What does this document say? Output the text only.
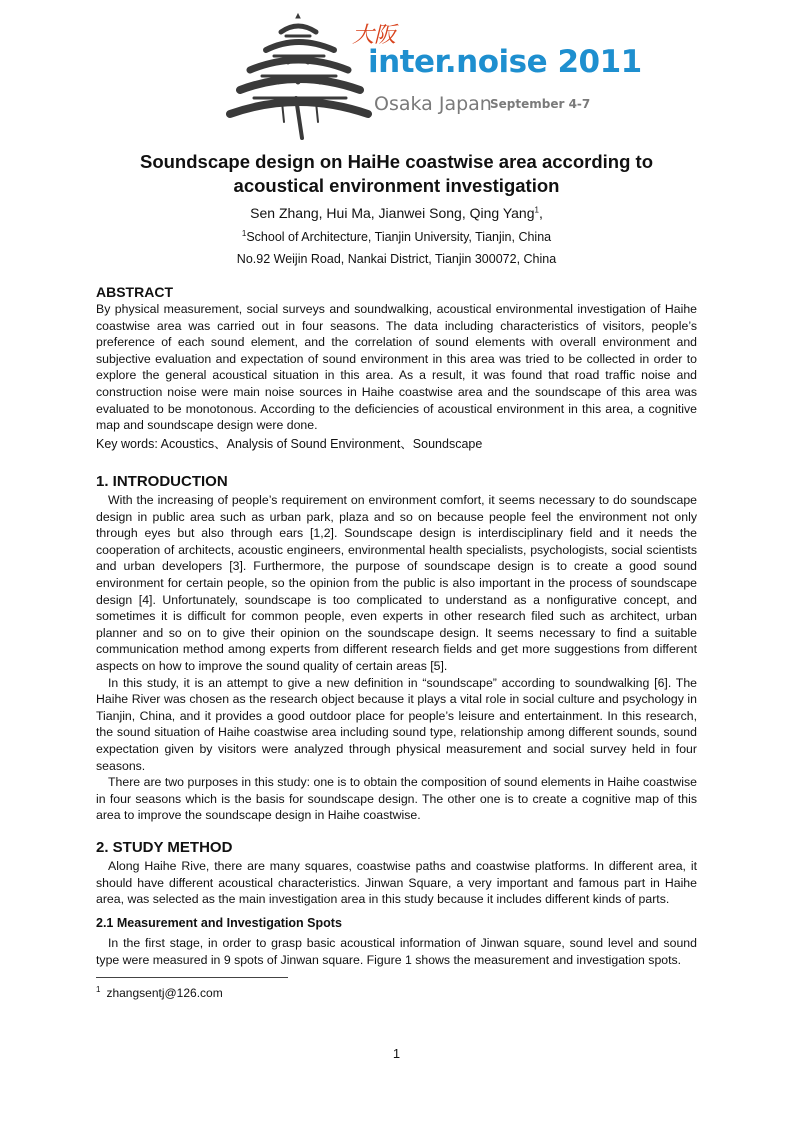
大阪
inter.noise 2011
Osaka Japan
September 4-7
Soundscape design on HaiHe coastwise area according to
acoustical environment investigation

Sen Zhang, Hui Ma, Jianwei Song, Qing Yang$^1$,

$^1$School of Architecture, Tianjin University, Tianjin, China

No.92 Weijin Road, Nankai District, Tianjin 300072, China

ABSTRACT

By physical measurement, social surveys and soundwalking, acoustical environmental investigation of Haihe coastwise area was carried out in four seasons. The data including characteristics of visitors, people’s preference of each sound element, and the correlation of sound elements with overall environment and subjective evaluation and expectation of sound environment in this area was tried to be collected in order to explore the general acoustical situation in this area. As a result, it was found that road traffic noise and construction noise were main noise sources in Haihe coastwise area and the soundscape of this area was evaluated to be monotonous. According to the deficiencies of acoustical environment in this area, a cognitive map and soundscape design were done.

Key words: Acoustics、Analysis of Sound Environment、Soundscape

1. INTRODUCTION

With the increasing of people’s requirement on environment comfort, it seems necessary to do soundscape design in public area such as urban park, plaza and so on because people feel the environment not only through eyes but also through ears [1,2]. Soundscape design is interdisciplinary field and it needs the cooperation of architects, acoustic engineers, environmental health specialists, psychologists, social scientists and urban developers [3]. Furthermore, the purpose of soundscape design is to create a good sound environment for certain people, so the opinion from the public is also important in the process of soundscape design [4]. Unfortunately, soundscape is too complicated to understand as a nonfigurative concept, and sometimes it is difficult for common people, even experts in other research filed such as architect, urban planner and so on to give their opinion on the soundscape design. It seems necessary to find a suitable communication method among experts from different research fields and get more suggestions from different aspects on how to improve the sound quality of certain areas [5].

In this study, it is an attempt to give a new definition in “soundscape” according to soundwalking [6]. The Haihe River was chosen as the research object because it plays a vital role in social culture and psychology in Tianjin, China, and it provides a good outdoor place for people’s leisure and entertainment. In this research, the sound situation of Haihe coastwise area including sound type, relationship among different sounds, sound expectation given by visitors were analyzed through physical measurement and social survey held in four seasons.

There are two purposes in this study: one is to obtain the composition of sound elements in Haihe coastwise in four seasons which is the basis for soundscape design. The other one is to create a cognitive map of this area to improve the soundscape design in Haihe coastwise.

2. STUDY METHOD

Along Haihe Rive, there are many squares, coastwise paths and coastwise platforms. In different area, it should have different acoustical characteristics. Jinwan Square, a very important and famous part in Haihe area, was selected as the main investigation area in this study because it includes different kinds of parts.

2.1 Measurement and Investigation Spots

In the first stage, in order to grasp basic acoustical information of Jinwan square, sound level and sound type were measured in 9 spots of Jinwan square. Figure 1 shows the measurement and investigation spots.

$^1$ zhangsentj@126.com

1
